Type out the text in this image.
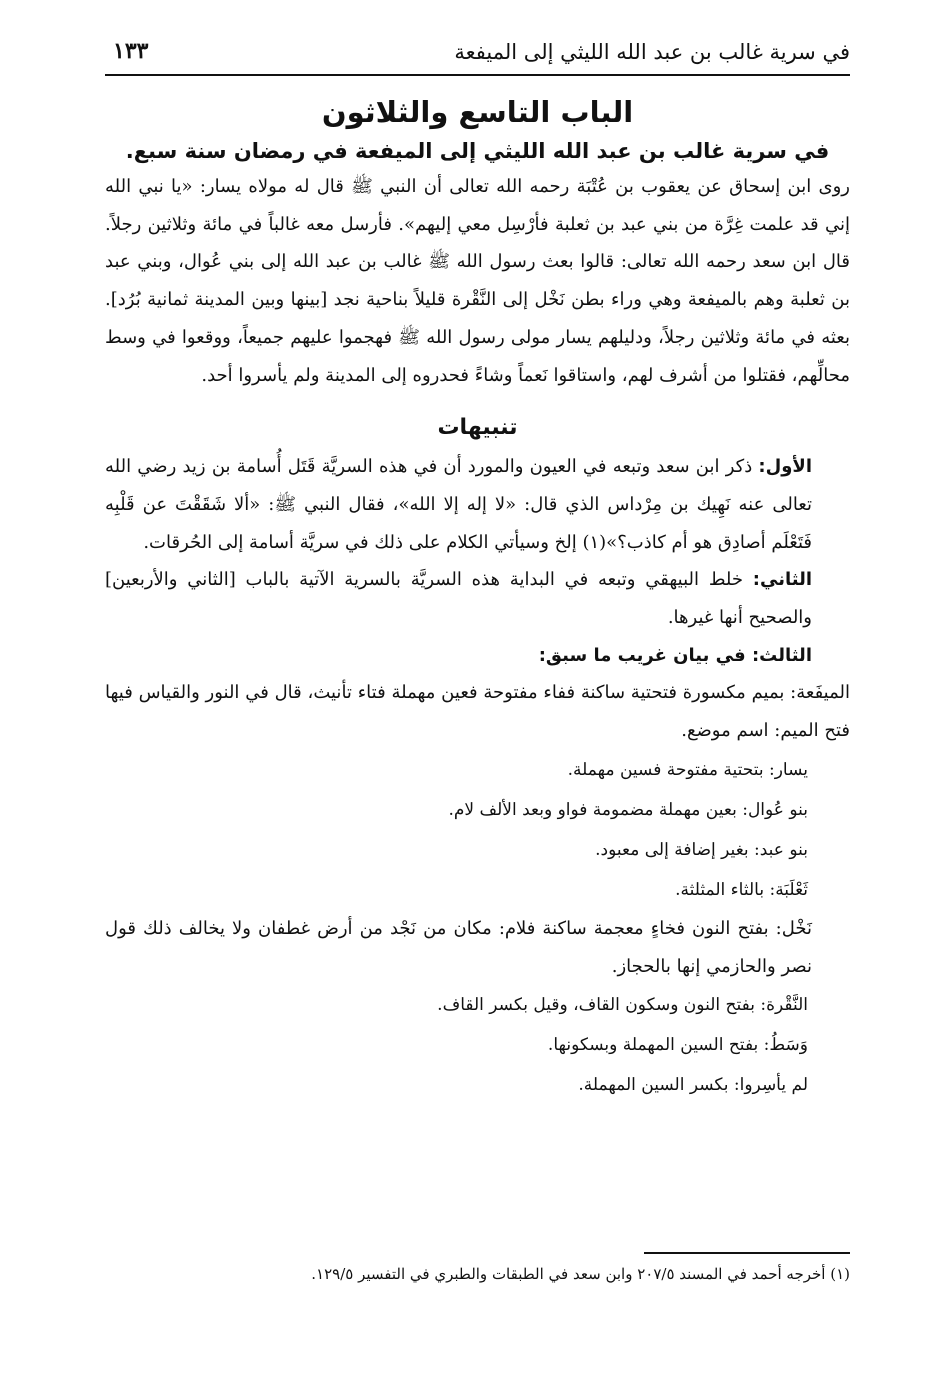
في سرية غالب بن عبد الله الليثي إلى الميفعة
١٣٣
الباب التاسع والثلاثون
في سرية غالب بن عبد الله الليثي إلى الميفعة في رمضان سنة سبع.

روى ابن إسحاق عن يعقوب بن عُتْبَة رحمه الله تعالى أن النبي ﷺ قال له مولاه يسار: «يا نبي الله إني قد علمت غِرَّة من بني عبد بن ثعلبة فأرْسِل معي إليهم». فأرسل معه غالباً في مائة وثلاثين رجلاً. قال ابن سعد رحمه الله تعالى: قالوا بعث رسول الله ﷺ غالب بن عبد الله إلى بني عُوال، وبني عبد بن ثعلبة وهم بالميفعة وهي وراء بطن نَخْل إلى النَّقْرة قليلاً بناحية نجد [بينها وبين المدينة ثمانية بُرُد]. بعثه في مائة وثلاثين رجلاً، ودليلهم يسار مولى رسول الله ﷺ فهجموا عليهم جميعاً، ووقعوا في وسط محالِّهم، فقتلوا من أشرف لهم، واستاقوا نَعماً وشاءً فحدروه إلى المدينة ولم يأسروا أحد.

تنبيهات

الأول: ذكر ابن سعد وتبعه في العيون والمورد أن في هذه السريَّة قَتَل أُسامة بن زيد رضي الله تعالى عنه نَهِيك بن مِرْداس الذي قال: «لا إله إلا الله»، فقال النبي ﷺ: «ألا شَقَقْتَ عن قَلْبِه فَتَعْلَم أصادِق هو أم كاذب؟»(١) إلخ وسيأتي الكلام على ذلك في سريَّة أسامة إلى الحُرقات.

الثاني: خلط البيهقي وتبعه في البداية هذه السريَّة بالسرية الآتية بالباب [الثاني والأربعين] والصحيح أنها غيرها.

الثالث: في بيان غريب ما سبق:

الميفَعة: بميم مكسورة فتحتية ساكنة ففاء مفتوحة فعين مهملة فتاء تأنيث، قال في النور والقياس فيها فتح الميم: اسم موضع.

يسار: بتحتية مفتوحة فسين مهملة.

بنو عُوال: بعين مهملة مضمومة فواو وبعد الألف لام.

بنو عبد: بغير إضافة إلى معبود.

ثَعْلَبَة: بالثاء المثلثة.

نَخْل: بفتح النون فخاءٍ معجمة ساكنة فلام: مكان من نَجْد من أرض غطفان ولا يخالف ذلك قول نصر والحازمي إنها بالحجاز.

النَّقْرة: بفتح النون وسكون القاف، وقيل بكسر القاف.

وَسَطُ: بفتح السين المهملة وبسكونها.

لم يأسِروا: بكسر السين المهملة.

(١) أخرجه أحمد في المسند ٢٠٧/٥ وابن سعد في الطبقات والطبري في التفسير ١٢٩/٥.
